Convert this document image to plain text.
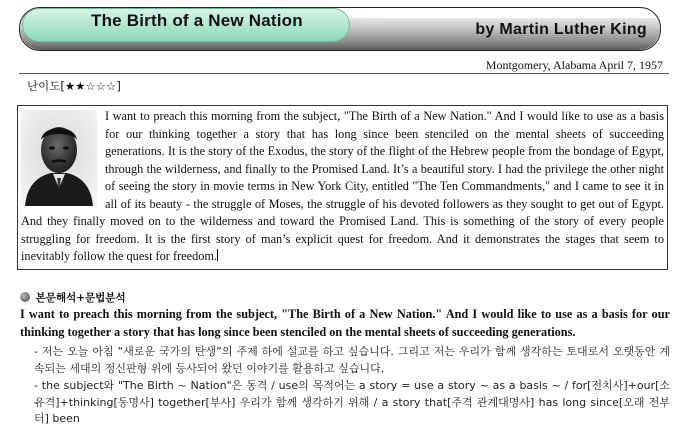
The Birth of a New Nation	by Martin Luther King
Montgomery, Alabama April 7, 1957
난이도[★★☆☆☆]

I want to preach this morning from the subject, "The Birth of a New Nation." And I would like to use as a basis for our thinking together a story that has long since been stenciled on the mental sheets of succeeding generations. It is the story of the Exodus, the story of the flight of the Hebrew people from the bondage of Egypt, through the wilderness, and finally to the Promised Land. It’s a beautiful story. I had the privilege the other night of seeing the story in movie terms in New York City, entitled "The Ten Commandments," and I came to see it in all of its beauty - the struggle of Moses, the struggle of his devoted followers as they sought to get out of Egypt. And they finally moved on to the wilderness and toward the Promised Land. This is something of the story of every people struggling for freedom. It is the first story of man’s explicit quest for freedom. And it demonstrates the stages that seem to inevitably follow the quest for freedom.

본문해석+문법분석

I want to preach this morning from the subject, "The Birth of a New Nation." And I would like to use as a basis for our thinking together a story that has long since been stenciled on the mental sheets of succeeding generations.

- 저는 오늘 아침 “새로운 국가의 탄생”의 주제 하에 설교를 하고 싶습니다. 그리고 저는 우리가 함께 생각하는 토대로서 오랫동안 계속되는 세대의 정신판형 위에 등사되어 왔던 이야기를 활용하고 싶습니다.
- the subject와 "The Birth ~ Nation"은 동격 / use의 목적어는 a story = use a story ~ as a basis ~ / for[전치사]+our[소유격]+thinking[동명사] together[부사] 우리가 함께 생각하기 위해 / a story that[주격 관계대명사] has long since[오래 전부터] been
